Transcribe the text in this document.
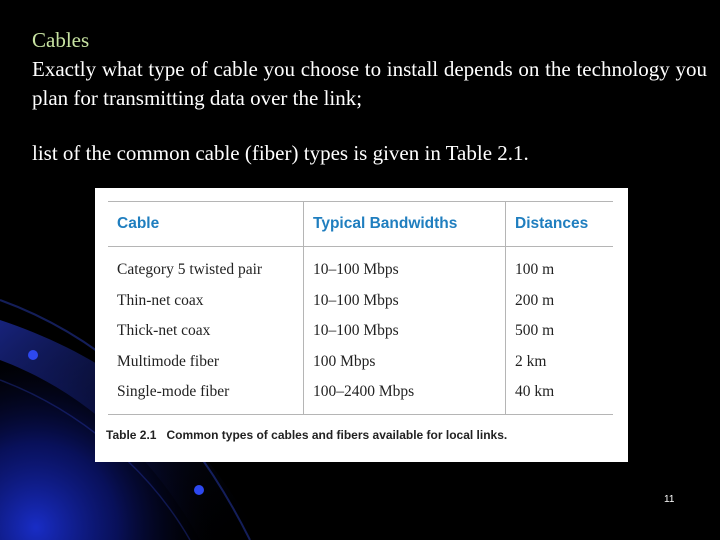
Cables

Exactly what type of cable you choose to install depends on the technology you plan for transmitting data over the link;

list of the common cable (fiber) types is given in Table 2.1.

Cable	Typical Bandwidths	Distances
Category 5 twisted pair	10–100 Mbps	100 m
Thin-net coax	10–100 Mbps	200 m
Thick-net coax	10–100 Mbps	500 m
Multimode fiber	100 Mbps	2 km
Single-mode fiber	100–2400 Mbps	40 km
Table 2.1 Common types of cables and fibers available for local links.
11
